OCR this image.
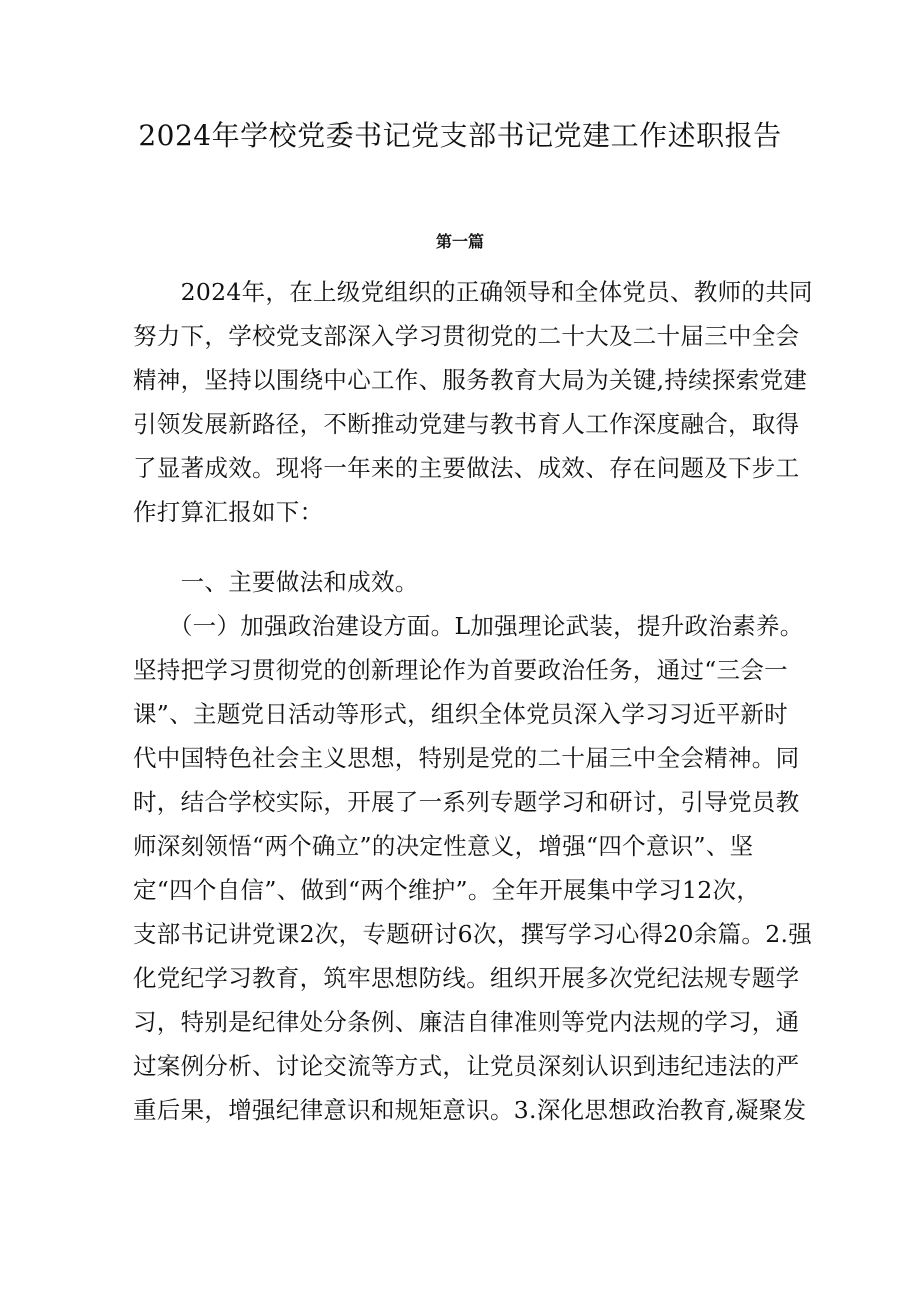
2024年学校党委书记党支部书记党建工作述职报告
第一篇
　　2024年，在上级党组织的正确领导和全体党员、教师的共同
努力下，学校党支部深入学习贯彻党的二十大及二十届三中全会
精神，坚持以围绕中心工作、服务教育大局为关键,持续探索党建
引领发展新路径，不断推动党建与教书育人工作深度融合，取得
了显著成效。现将一年来的主要做法、成效、存在问题及下步工
作打算汇报如下：
　　一、主要做法和成效。
　　（一）加强政治建设方面。L加强理论武装，提升政治素养。
坚持把学习贯彻党的创新理论作为首要政治任务，通过“三会一
课”、主题党日活动等形式，组织全体党员深入学习习近平新时
代中国特色社会主义思想，特别是党的二十届三中全会精神。同
时，结合学校实际，开展了一系列专题学习和研讨，引导党员教
师深刻领悟“两个确立”的决定性意义，增强“四个意识”、坚
定“四个自信”、做到“两个维护”。全年开展集中学习12次，
支部书记讲党课2次，专题研讨6次，撰写学习心得20余篇。2.强
化党纪学习教育，筑牢思想防线。组织开展多次党纪法规专题学
习，特别是纪律处分条例、廉洁自律准则等党内法规的学习，通
过案例分析、讨论交流等方式，让党员深刻认识到违纪违法的严
重后果，增强纪律意识和规矩意识。3.深化思想政治教育,凝聚发
